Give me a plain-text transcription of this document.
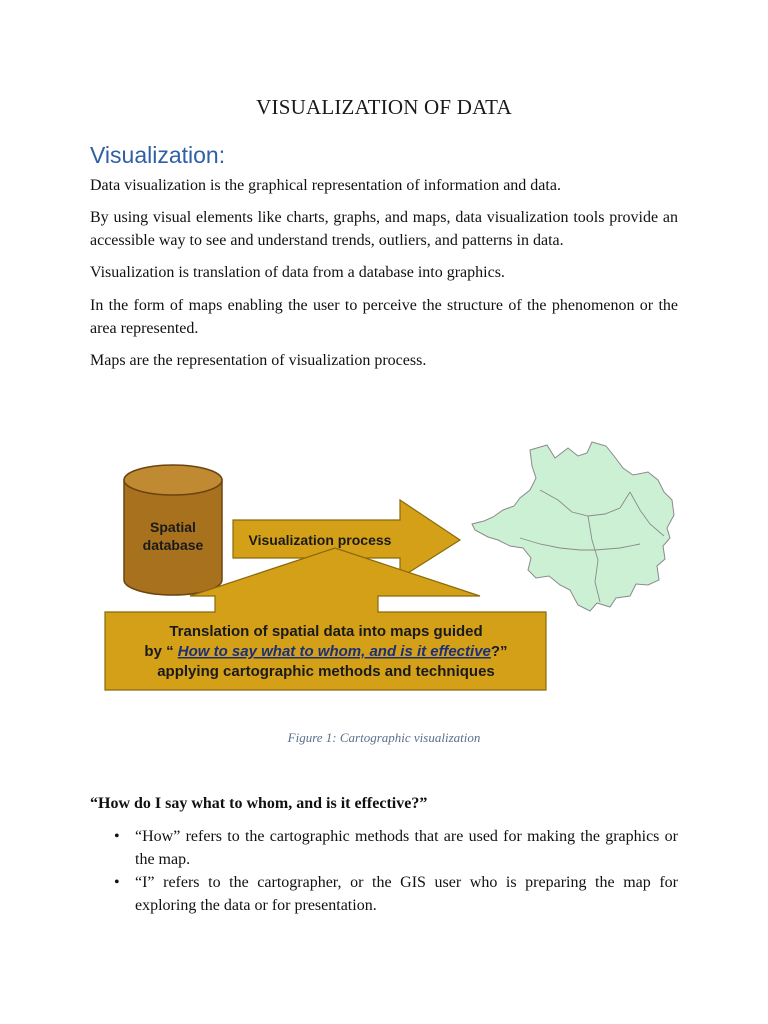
VISUALIZATION OF DATA
Visualization:

Data visualization is the graphical representation of information and data.

By using visual elements like charts, graphs, and maps, data visualization tools provide an accessible way to see and understand trends, outliers, and patterns in data.

Visualization is translation of data from a database into graphics.

In the form of maps enabling the user to perceive the structure of the phenomenon or the area represented.

Maps are the representation of visualization process.

Spatial
database	Visualization process
Translation of spatial data into maps guided
by “ How to say what to whom, and is it effective?”
applying cartographic methods and techniques
Figure 1: Cartographic visualization
“How do I say what to whom, and is it effective?”
• “How” refers to the cartographic methods that are used for making the graphics or the map.
• “I” refers to the cartographer, or the GIS user who is preparing the map for exploring the data or for presentation.
